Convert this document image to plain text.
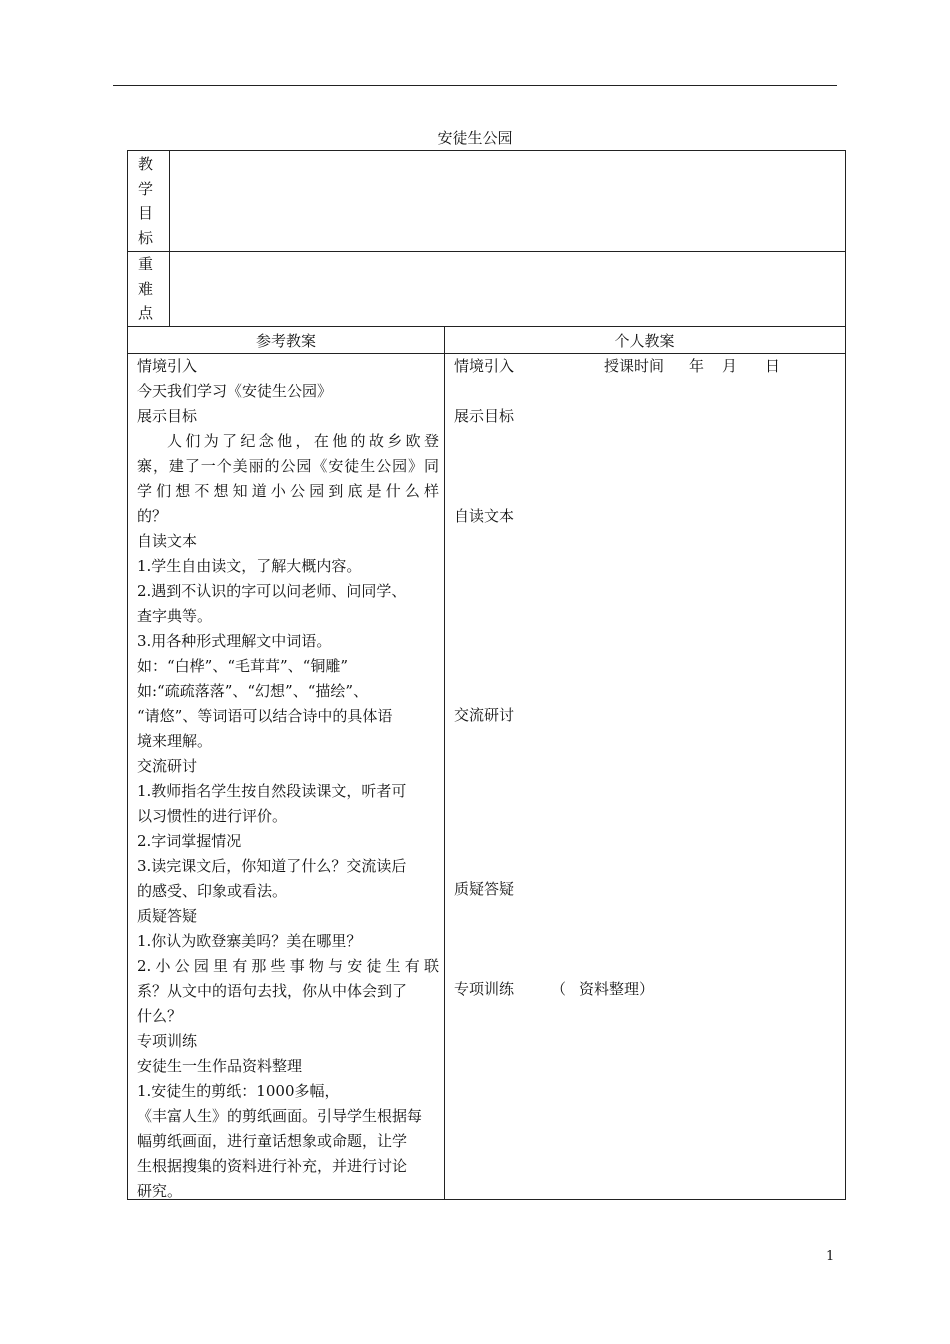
安徒生公园
教
学
目
标
重
难
点
参考教案	个人教案
情境引入
今天我们学习《安徒生公园》
展示目标
人们为了纪念他，在他的故乡欧登
寨，建了一个美丽的公园《安徒生公园》同
学们想不想知道小公园到底是什么样
的？
自读文本
1.学生自由读文，了解大概内容。
2.遇到不认识的字可以问老师、问同学、
查字典等。
3.用各种形式理解文中词语。
如：“白桦”、“毛茸茸”、“铜雕”
如:“疏疏落落”、“幻想”、“描绘”、
“请悠”、等词语可以结合诗中的具体语
境来理解。
交流研讨
1.教师指名学生按自然段读课文，听者可
以习惯性的进行评价。
2.字词掌握情况
3.读完课文后，你知道了什么？交流读后
的感受、印象或看法。
质疑答疑
1.你认为欧登寨美吗？美在哪里？
2.小公园里有那些事物与安徒生有联
系？从文中的语句去找，你从中体会到了
什么？
专项训练
安徒生一生作品资料整理
1.安徒生的剪纸：1000多幅，
《丰富人生》的剪纸画面。引导学生根据每
幅剪纸画面，进行童话想象或命题，让学
生根据搜集的资料进行补充，并进行讨论
研究。
情境引入	授课时间 年 月 日
展示目标
自读文本
交流研讨
质疑答疑
专项训练 （ 资料整理）
1
